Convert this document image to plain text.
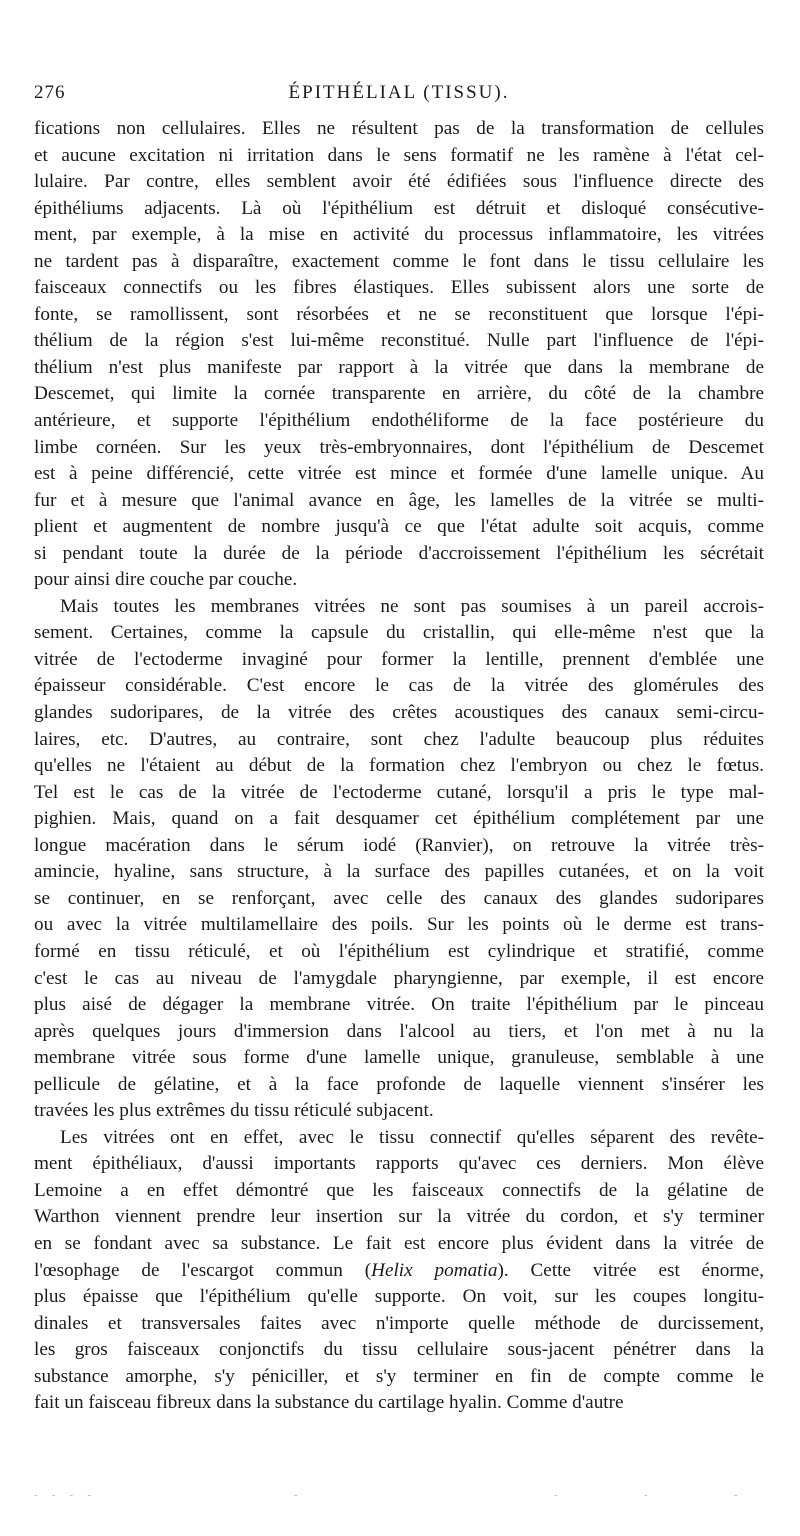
276	ÉPITHÉLIAL (TISSU).
fications non cellulaires. Elles ne résultent pas de la transformation de cellules
et aucune excitation ni irritation dans le sens formatif ne les ramène à l'état cel-
lulaire. Par contre, elles semblent avoir été édifiées sous l'influence directe des
épithéliums adjacents. Là où l'épithélium est détruit et disloqué consécutive-
ment, par exemple, à la mise en activité du processus inflammatoire, les vitrées
ne tardent pas à disparaître, exactement comme le font dans le tissu cellulaire les
faisceaux connectifs ou les fibres élastiques. Elles subissent alors une sorte de
fonte, se ramollissent, sont résorbées et ne se reconstituent que lorsque l'épi-
thélium de la région s'est lui-même reconstitué. Nulle part l'influence de l'épi-
thélium n'est plus manifeste par rapport à la vitrée que dans la membrane de
Descemet, qui limite la cornée transparente en arrière, du côté de la chambre
antérieure, et supporte l'épithélium endothéliforme de la face postérieure du
limbe cornéen. Sur les yeux très-embryonnaires, dont l'épithélium de Descemet
est à peine différencié, cette vitrée est mince et formée d'une lamelle unique. Au
fur et à mesure que l'animal avance en âge, les lamelles de la vitrée se multi-
plient et augmentent de nombre jusqu'à ce que l'état adulte soit acquis, comme
si pendant toute la durée de la période d'accroissement l'épithélium les sécrétait
pour ainsi dire couche par couche.
Mais toutes les membranes vitrées ne sont pas soumises à un pareil accrois-
sement. Certaines, comme la capsule du cristallin, qui elle-même n'est que la
vitrée de l'ectoderme invaginé pour former la lentille, prennent d'emblée une
épaisseur considérable. C'est encore le cas de la vitrée des glomérules des
glandes sudoripares, de la vitrée des crêtes acoustiques des canaux semi-circu-
laires, etc. D'autres, au contraire, sont chez l'adulte beaucoup plus réduites
qu'elles ne l'étaient au début de la formation chez l'embryon ou chez le fœtus.
Tel est le cas de la vitrée de l'ectoderme cutané, lorsqu'il a pris le type mal-
pighien. Mais, quand on a fait desquamer cet épithélium complétement par une
longue macération dans le sérum iodé (Ranvier), on retrouve la vitrée très-
amincie, hyaline, sans structure, à la surface des papilles cutanées, et on la voit
se continuer, en se renforçant, avec celle des canaux des glandes sudoripares
ou avec la vitrée multilamellaire des poils. Sur les points où le derme est trans-
formé en tissu réticulé, et où l'épithélium est cylindrique et stratifié, comme
c'est le cas au niveau de l'amygdale pharyngienne, par exemple, il est encore
plus aisé de dégager la membrane vitrée. On traite l'épithélium par le pinceau
après quelques jours d'immersion dans l'alcool au tiers, et l'on met à nu la
membrane vitrée sous forme d'une lamelle unique, granuleuse, semblable à une
pellicule de gélatine, et à la face profonde de laquelle viennent s'insérer les
travées les plus extrêmes du tissu réticulé subjacent.
Les vitrées ont en effet, avec le tissu connectif qu'elles séparent des revête-
ment épithéliaux, d'aussi importants rapports qu'avec ces derniers. Mon élève
Lemoine a en effet démontré que les faisceaux connectifs de la gélatine de
Warthon viennent prendre leur insertion sur la vitrée du cordon, et s'y terminer
en se fondant avec sa substance. Le fait est encore plus évident dans la vitrée de
l'œsophage de l'escargot commun (Helix pomatia). Cette vitrée est énorme,
plus épaisse que l'épithélium qu'elle supporte. On voit, sur les coupes longitu-
dinales et transversales faites avec n'importe quelle méthode de durcissement,
les gros faisceaux conjonctifs du tissu cellulaire sous-jacent pénétrer dans la
substance amorphe, s'y péniciller, et s'y terminer en fin de compte comme le
fait un faisceau fibreux dans la substance du cartilage hyalin. Comme d'autre
- - - -	-	-	-	-
